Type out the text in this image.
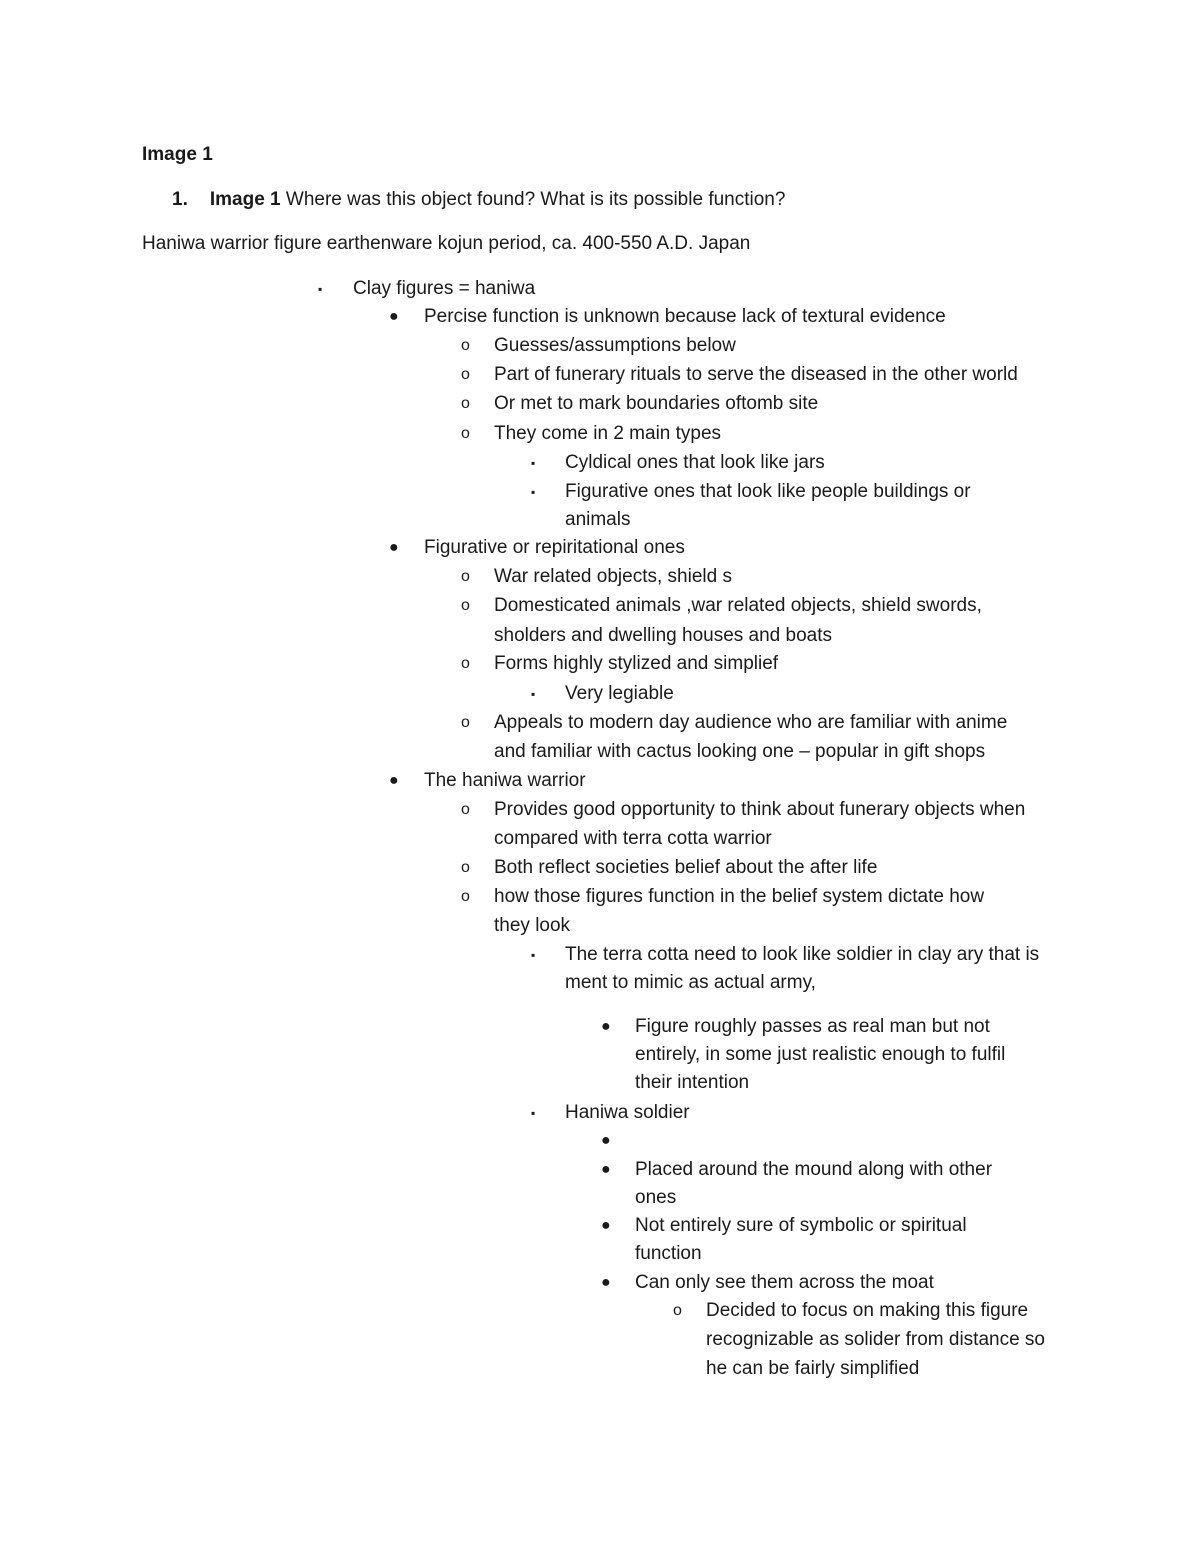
Image 1
1. Image 1 Where was this object found? What is its possible function?
Haniwa warrior figure earthenware kojun period, ca. 400-550 A.D. Japan
▪ Clay figures = haniwa
● Percise function is unknown because lack of textural evidence
o Guesses/assumptions below
o Part of funerary rituals to serve the diseased in the other world
o Or met to mark boundaries oftomb site
o They come in 2 main types
▪ Cyldical ones that look like jars
▪ Figurative ones that look like people buildings or
animals
● Figurative or repiritational ones
o War related objects, shield s
o Domesticated animals ,war related objects, shield swords,
sholders and dwelling houses and boats
o Forms highly stylized and simplief
▪ Very legiable
o Appeals to modern day audience who are familiar with anime
and familiar with cactus looking one – popular in gift shops
● The haniwa warrior
o Provides good opportunity to think about funerary objects when
compared with terra cotta warrior
o Both reflect societies belief about the after life
o how those figures function in the belief system dictate how
they look
▪ The terra cotta need to look like soldier in clay ary that is
ment to mimic as actual army,
● Figure roughly passes as real man but not
entirely, in some just realistic enough to fulfil
their intention
▪ Haniwa soldier
●
● Placed around the mound along with other
ones
● Not entirely sure of symbolic or spiritual
function
● Can only see them across the moat
o Decided to focus on making this figure
recognizable as solider from distance so
he can be fairly simplified
